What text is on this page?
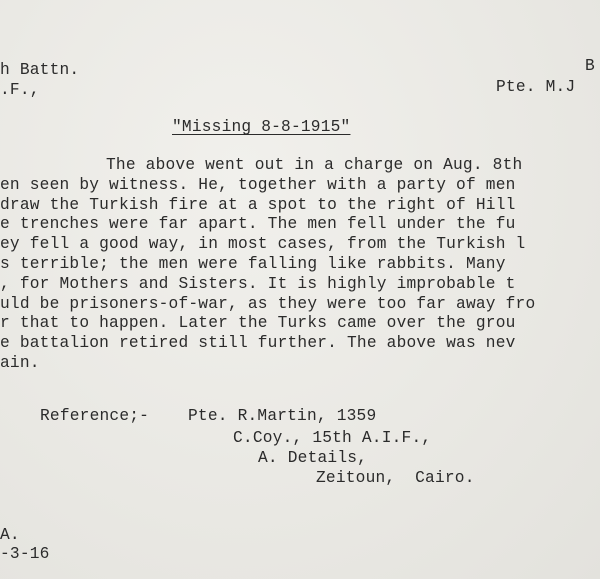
h Battn.
.F.,
B
Pte. M.J
"Missing 8-8-1915"
The above went out in a charge on Aug. 8th
en seen by witness. He, together with a party of men
draw the Turkish fire at a spot to the right of Hill
e trenches were far apart. The men fell under the fu
ey fell a good way, in most cases, from the Turkish l
s terrible; the men were falling like rabbits. Many
, for Mothers and Sisters. It is highly improbable t
uld be prisoners-of-war, as they were too far away fro
r that to happen. Later the Turks came over the grou
e battalion retired still further. The above was nev
ain.
Reference;- Pte. R.Martin, 1359
C.Coy., 15th A.I.F.,
A. Details,
Zeitoun,  Cairo.
A.
-3-16
